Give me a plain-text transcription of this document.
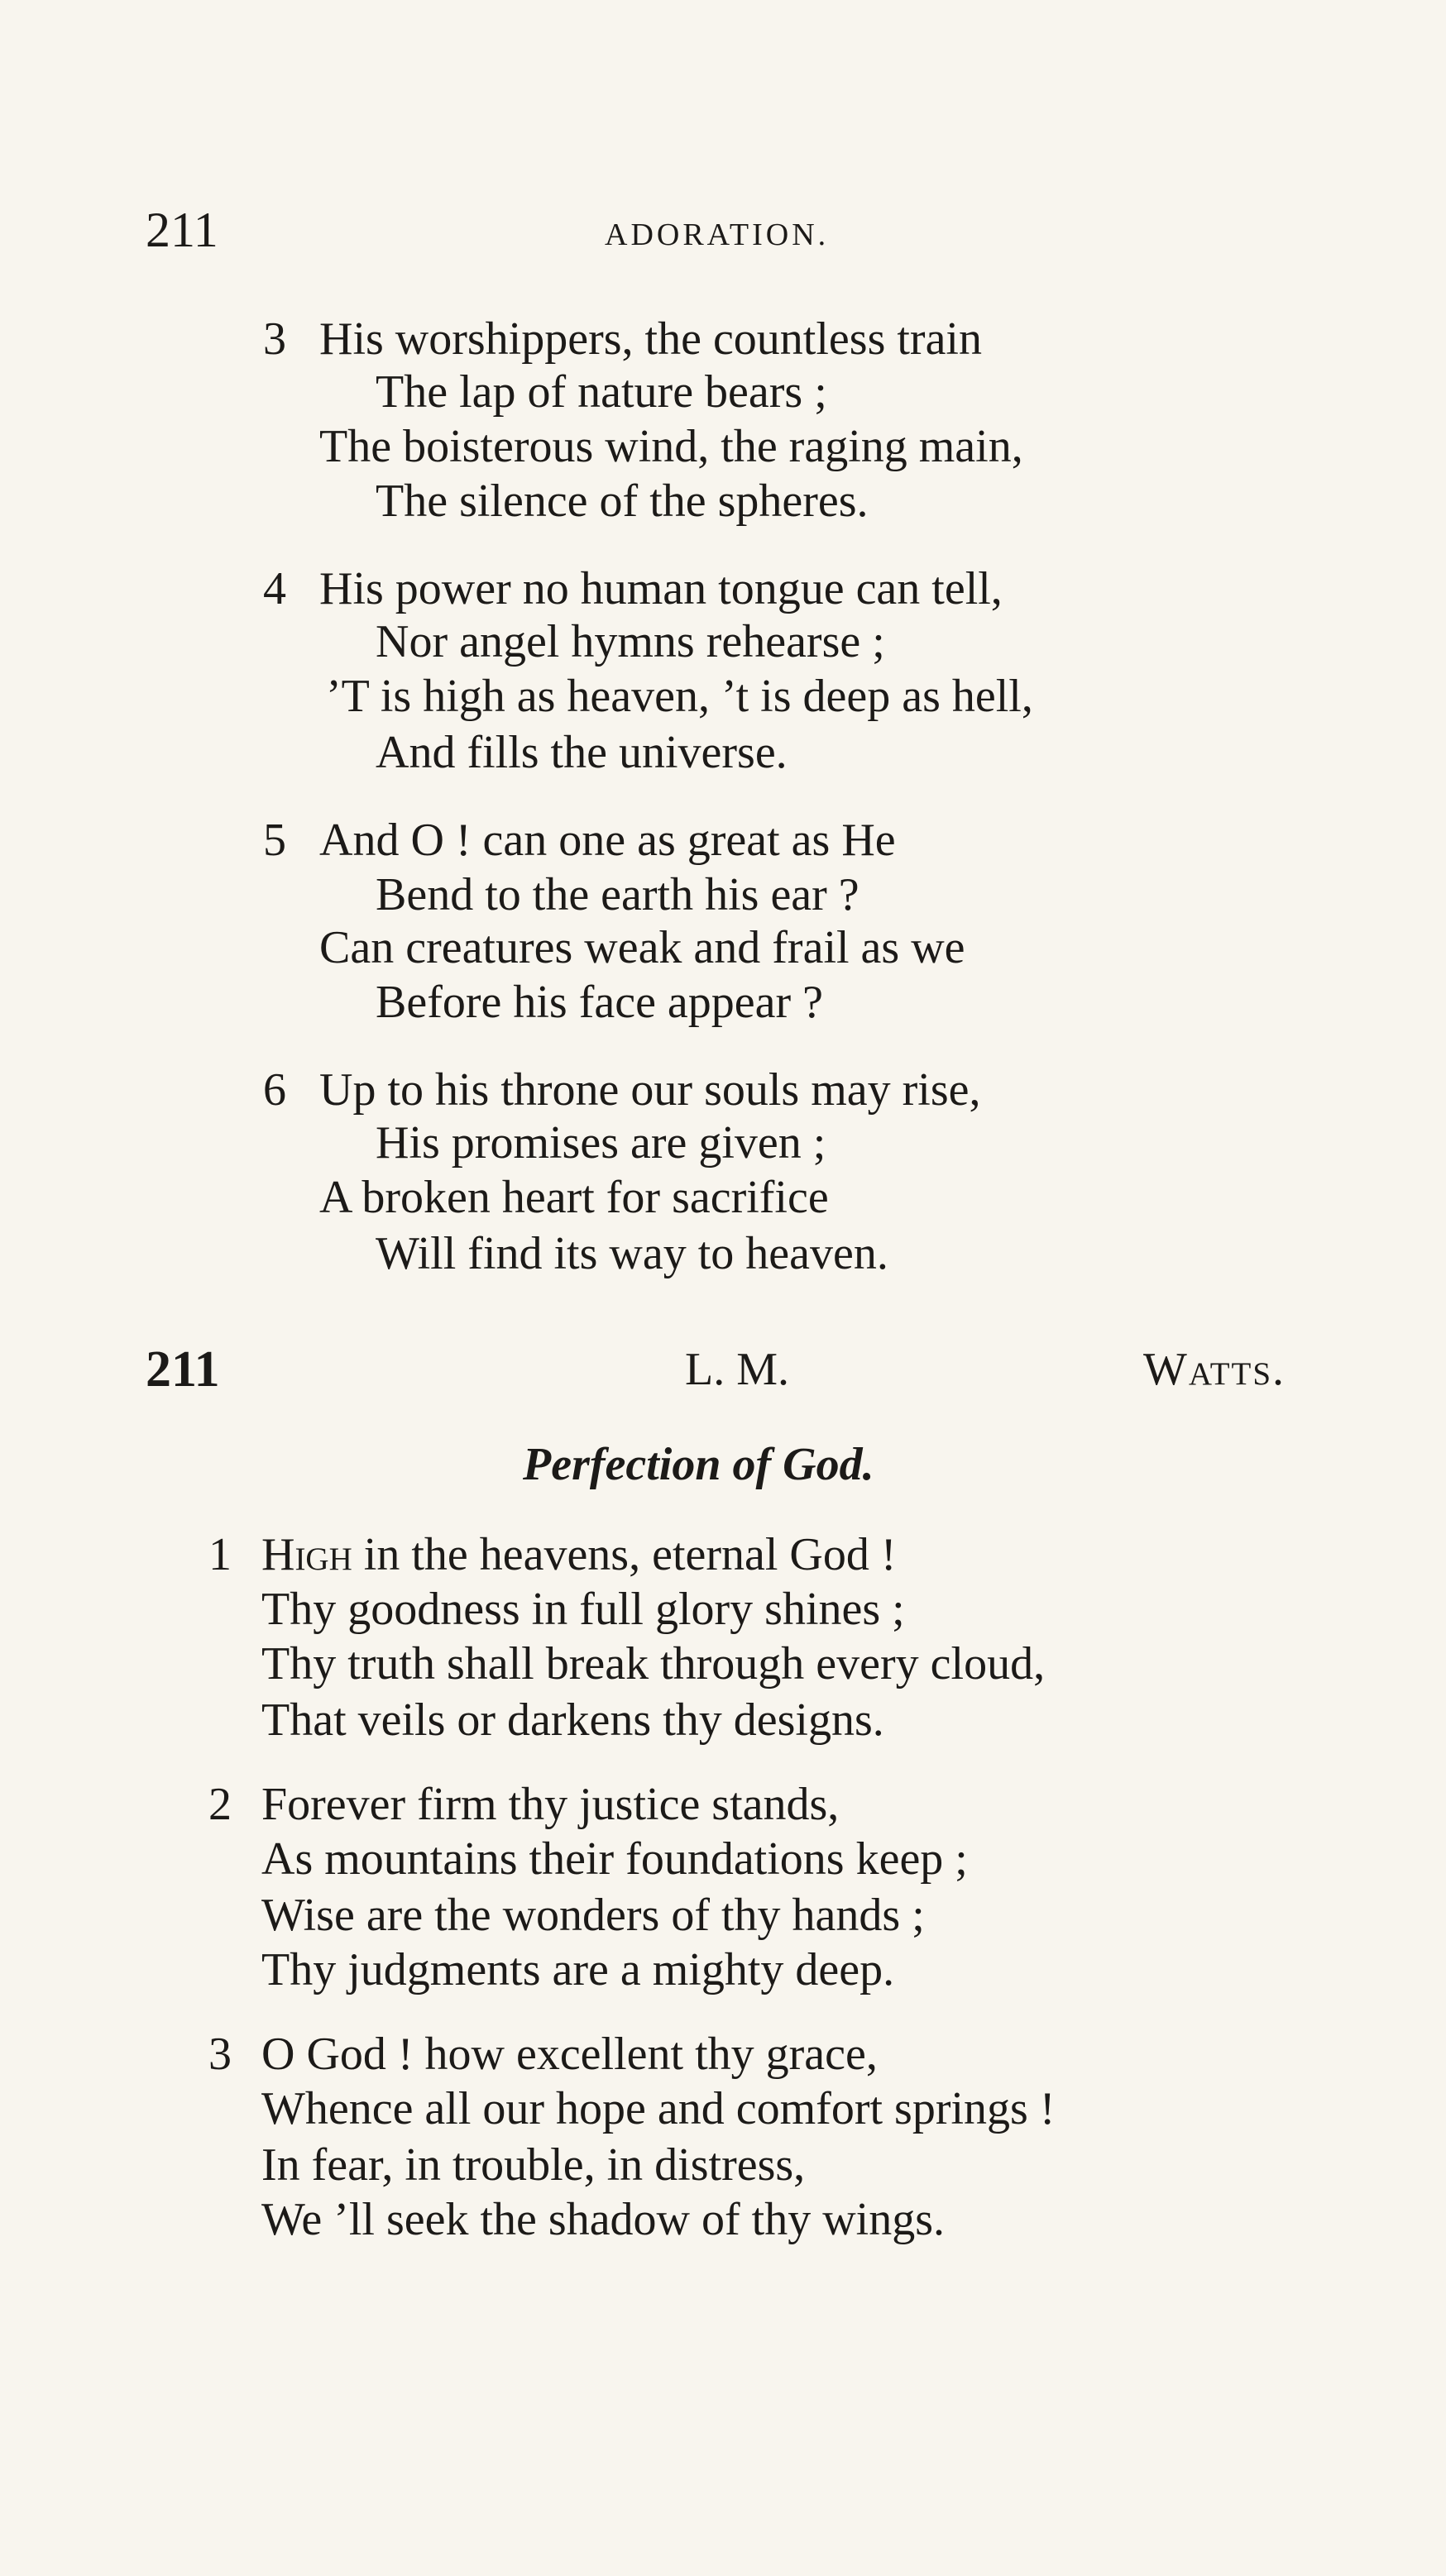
211	ADORATION.
3 His worshippers, the countless train
The lap of nature bears ;
The boisterous wind, the raging main,
The silence of the spheres.
4 His power no human tongue can tell,
Nor angel hymns rehearse ;
’T is high as heaven, ’t is deep as hell,
And fills the universe.
5 And O ! can one as great as He
Bend to the earth his ear ?
Can creatures weak and frail as we
Before his face appear ?
6 Up to his throne our souls may rise,
His promises are given ;
A broken heart for sacrifice
Will find its way to heaven.
211	L. M.	Watts.
Perfection of God.
1 High in the heavens, eternal God !
Thy goodness in full glory shines ;
Thy truth shall break through every cloud,
That veils or darkens thy designs.
2 Forever firm thy justice stands,
As mountains their foundations keep ;
Wise are the wonders of thy hands ;
Thy judgments are a mighty deep.
3 O God ! how excellent thy grace,
Whence all our hope and comfort springs !
In fear, in trouble, in distress,
We ’ll seek the shadow of thy wings.
